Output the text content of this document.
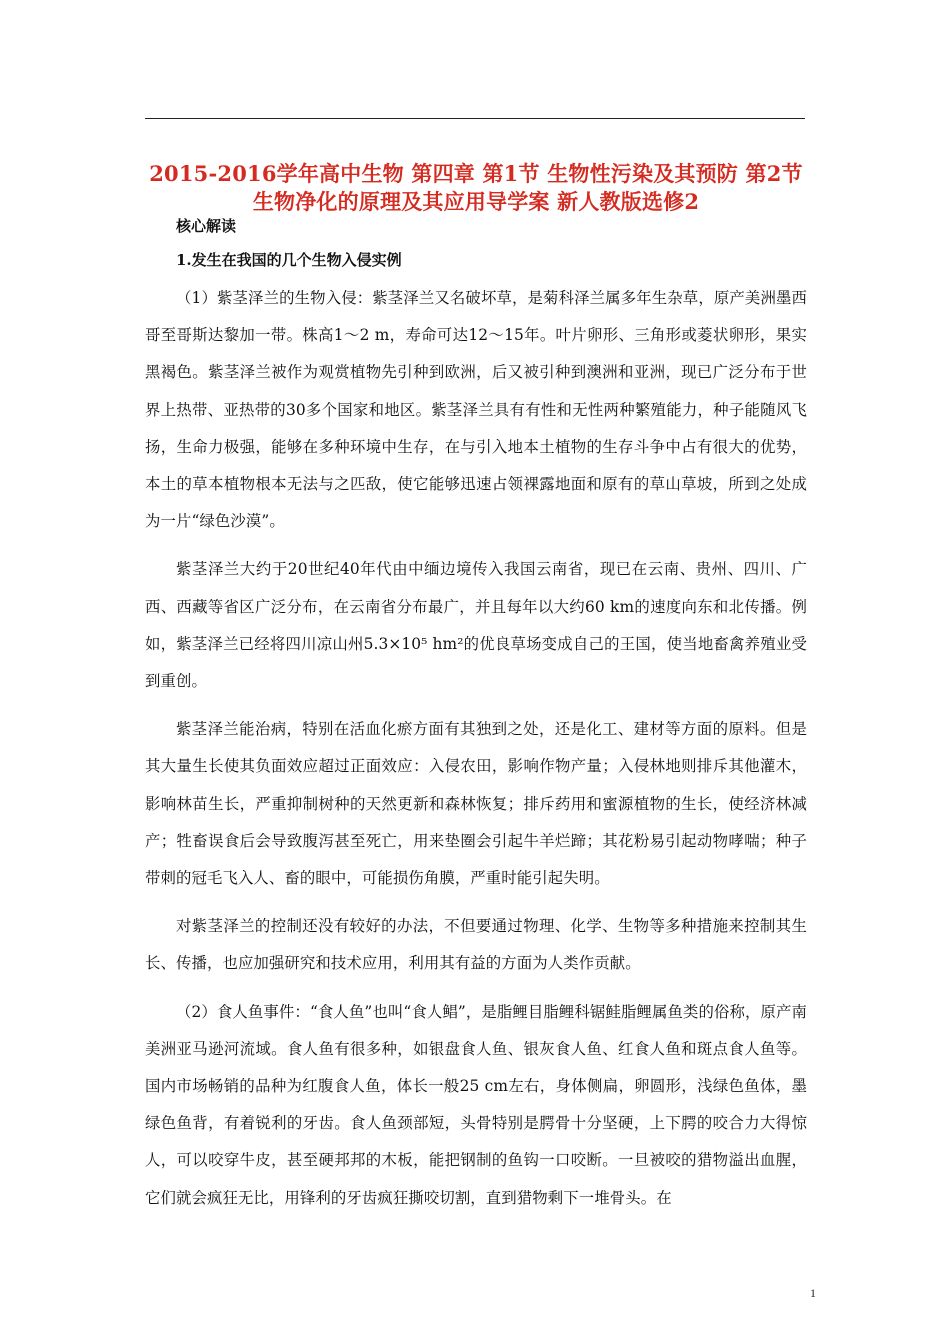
2015-2016学年高中生物 第四章 第1节 生物性污染及其预防 第2节 生物净化的原理及其应用导学案 新人教版选修2

核心解读

1.发生在我国的几个生物入侵实例

（1）紫茎泽兰的生物入侵：紫茎泽兰又名破坏草，是菊科泽兰属多年生杂草，原产美洲墨西哥至哥斯达黎加一带。株高1～2 m，寿命可达12～15年。叶片卵形、三角形或菱状卵形，果实黑褐色。紫茎泽兰被作为观赏植物先引种到欧洲，后又被引种到澳洲和亚洲，现已广泛分布于世界上热带、亚热带的30多个国家和地区。紫茎泽兰具有有性和无性两种繁殖能力，种子能随风飞扬，生命力极强，能够在多种环境中生存，在与引入地本土植物的生存斗争中占有很大的优势，本土的草本植物根本无法与之匹敌，使它能够迅速占领裸露地面和原有的草山草坡，所到之处成为一片“绿色沙漠”。

紫茎泽兰大约于20世纪40年代由中缅边境传入我国云南省，现已在云南、贵州、四川、广西、西藏等省区广泛分布，在云南省分布最广，并且每年以大约60 km的速度向东和北传播。例如，紫茎泽兰已经将四川凉山州5.3×10⁵ hm²的优良草场变成自己的王国，使当地畜禽养殖业受到重创。

紫茎泽兰能治病，特别在活血化瘀方面有其独到之处，还是化工、建材等方面的原料。但是其大量生长使其负面效应超过正面效应：入侵农田，影响作物产量；入侵林地则排斥其他灌木，影响林苗生长，严重抑制树种的天然更新和森林恢复；排斥药用和蜜源植物的生长，使经济林减产；牲畜误食后会导致腹泻甚至死亡，用来垫圈会引起牛羊烂蹄；其花粉易引起动物哮喘；种子带刺的冠毛飞入人、畜的眼中，可能损伤角膜，严重时能引起失明。

对紫茎泽兰的控制还没有较好的办法，不但要通过物理、化学、生物等多种措施来控制其生长、传播，也应加强研究和技术应用，利用其有益的方面为人类作贡献。

（2）食人鱼事件：“食人鱼”也叫“食人鲳”，是脂鲤目脂鲤科锯鲑脂鲤属鱼类的俗称，原产南美洲亚马逊河流域。食人鱼有很多种，如银盘食人鱼、银灰食人鱼、红食人鱼和斑点食人鱼等。国内市场畅销的品种为红腹食人鱼，体长一般25 cm左右，身体侧扁，卵圆形，浅绿色鱼体，墨绿色鱼背，有着锐利的牙齿。食人鱼颈部短，头骨特别是腭骨十分坚硬，上下腭的咬合力大得惊人，可以咬穿牛皮，甚至硬邦邦的木板，能把钢制的鱼钩一口咬断。一旦被咬的猎物溢出血腥，它们就会疯狂无比，用锋利的牙齿疯狂撕咬切割，直到猎物剩下一堆骨头。在

1
